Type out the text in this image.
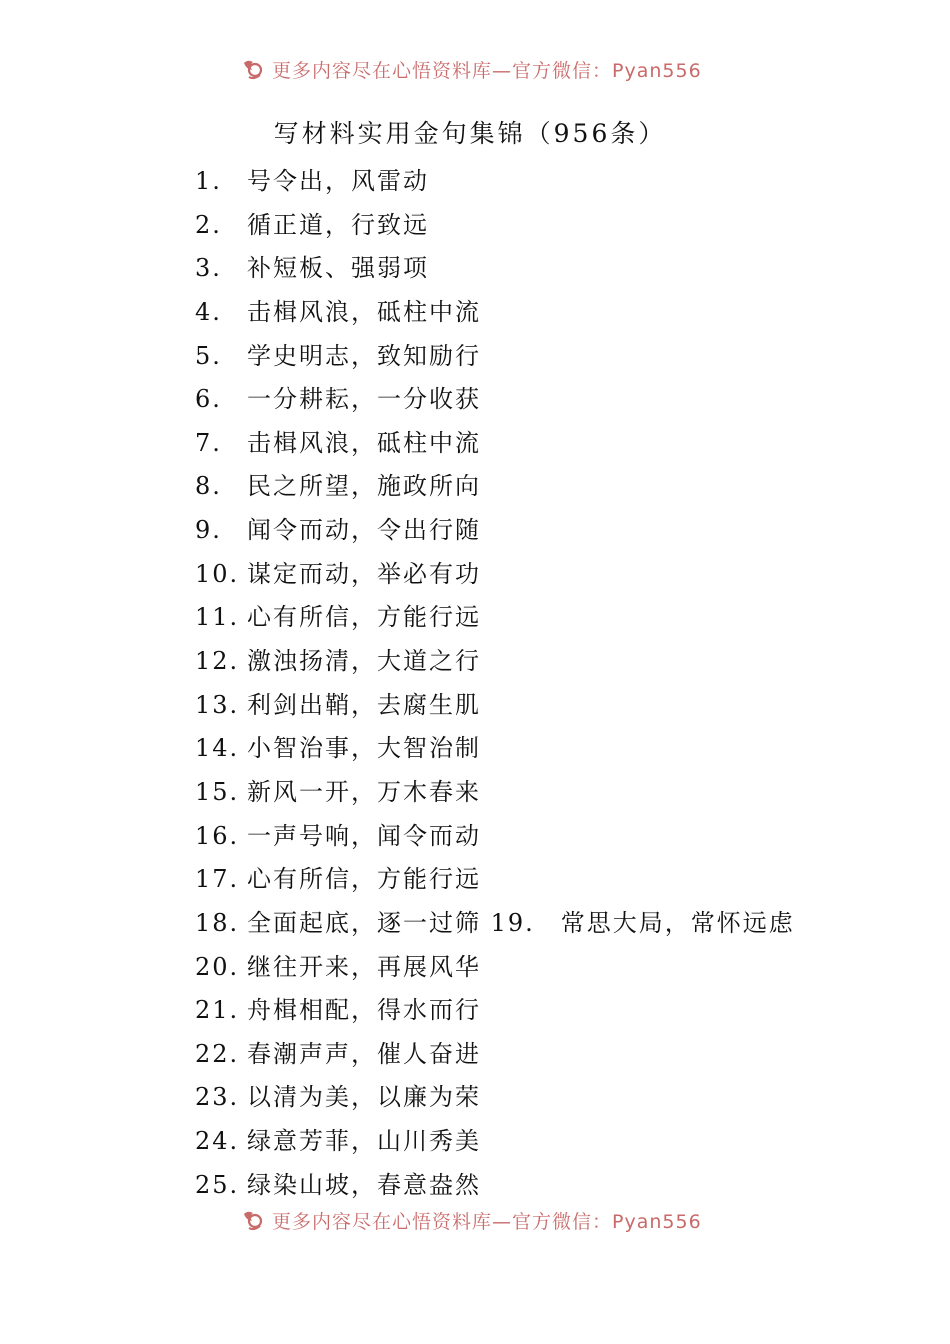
更多内容尽在心悟资料库—官方微信：Pyan556
写材料实用金句集锦（956条）
1. 号令出，风雷动
2. 循正道，行致远
3. 补短板、强弱项
4. 击楫风浪，砥柱中流
5. 学史明志，致知励行
6. 一分耕耘，一分收获
7. 击楫风浪，砥柱中流
8. 民之所望，施政所向
9. 闻令而动，令出行随
10. 谋定而动，举必有功
11. 心有所信，方能行远
12. 激浊扬清，大道之行
13. 利剑出鞘，去腐生肌
14. 小智治事，大智治制
15. 新风一开，万木春来
16. 一声号响，闻令而动
17. 心有所信，方能行远
18. 全面起底，逐一过筛 19.　常思大局，常怀远虑
20. 继往开来，再展风华
21. 舟楫相配，得水而行
22. 春潮声声，催人奋进
23. 以清为美，以廉为荣
24. 绿意芳菲，山川秀美
25. 绿染山坡，春意盎然
更多内容尽在心悟资料库—官方微信：Pyan556
